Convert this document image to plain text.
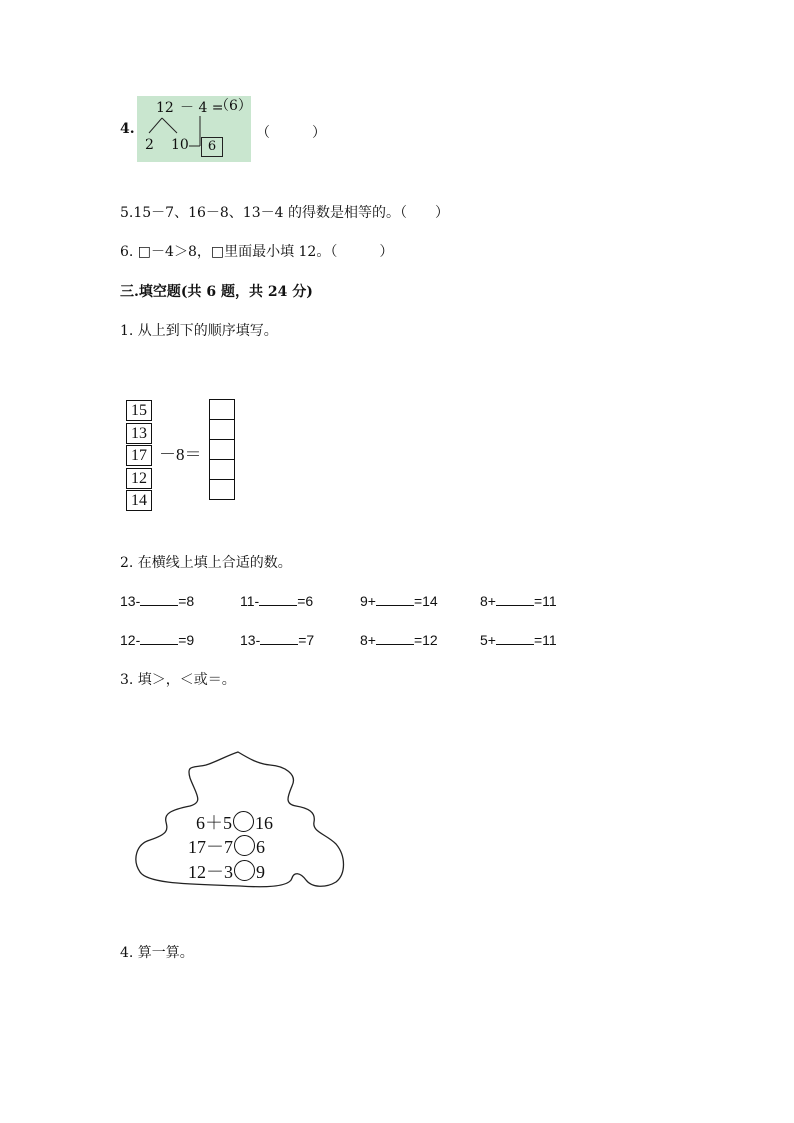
4.
12 － 4 =
（6）
2 10	6
（　　　）
5.15－7、16－8、13－4 的得数是相等的。（　　）
6. □－4＞8，□里面最小填 12。（　　　）
三.填空题(共 6 题，共 24 分)
1. 从上到下的顺序填写。
15
13
17
12
14
－8＝
2. 在横线上填上合适的数。
13-	=8	11-	=6	9+	=14	8+	=11
12-	=9	13-	=7	8+	=12	5+	=11
3. 填＞，＜或＝。
6＋5 16
17－7 6
12－3 9
4. 算一算。
